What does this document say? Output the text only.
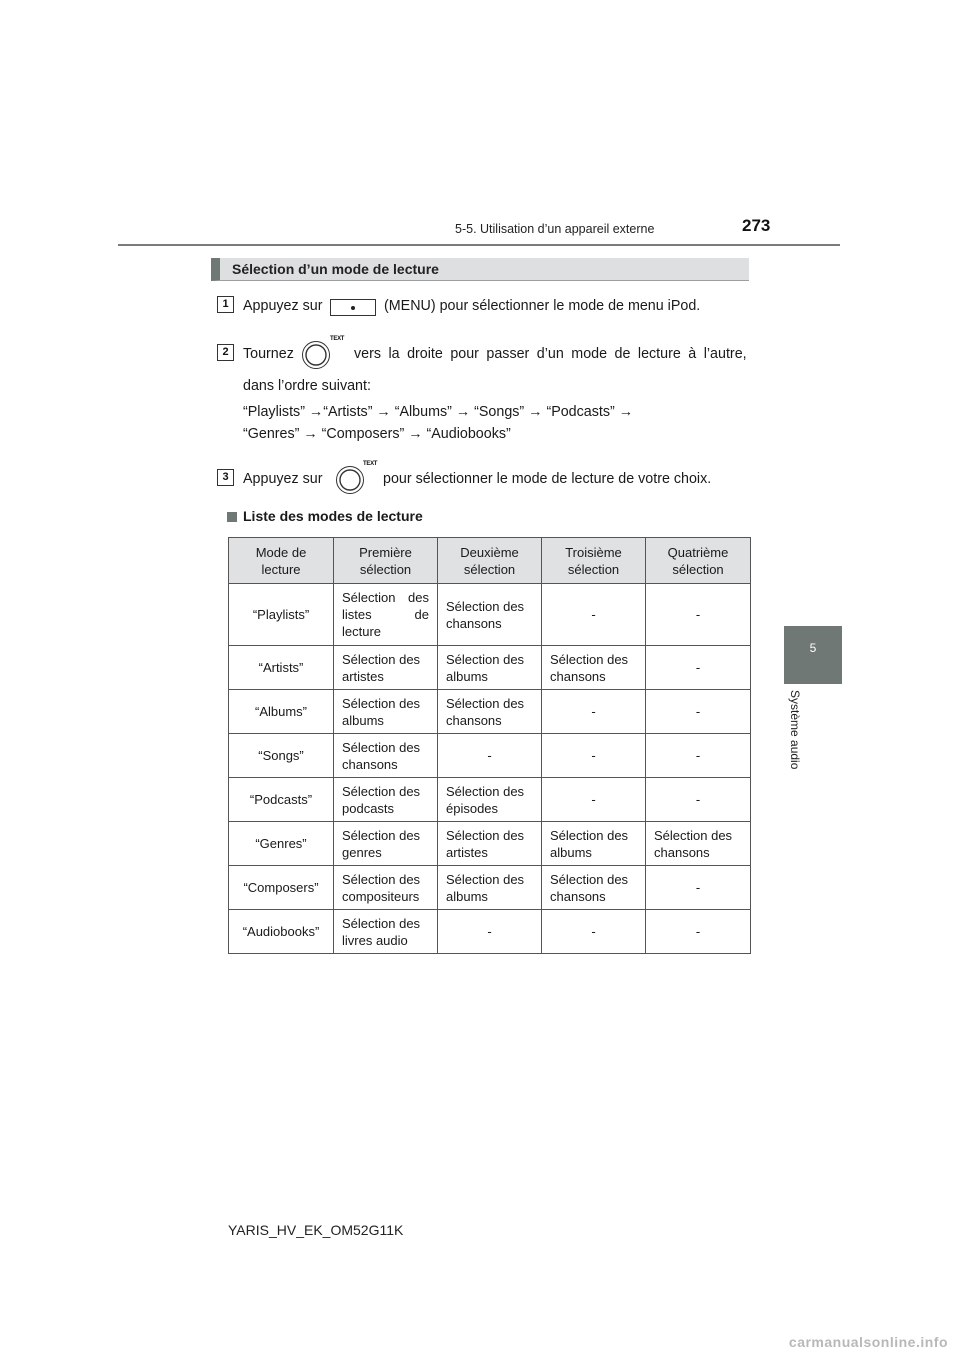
5-5. Utilisation d’un appareil externe	273
5
Système audio
Sélection d’un mode de lecture
1	Appuyez sur	(MENU) pour sélectionner le mode de menu iPod.
2	Tournez
TEXT
vers la droite pour passer d’un mode de lecture à l’autre,
dans l’ordre suivant:
“Playlists” →“Artists” → “Albums” → “Songs” → “Podcasts” →
“Genres” → “Composers” → “Audiobooks”
3	Appuyez sur
TEXT
pour sélectionner le mode de lecture de votre choix.
Liste des modes de lecture
Mode de
lecture	Première
sélection	Deuxième
sélection	Troisième
sélection	Quatrième
sélection
“Playlists”	Sélection des listes de lecture	Sélection des chansons	-	-
“Artists”	Sélection des artistes	Sélection des albums	Sélection des chansons	-
“Albums”	Sélection des albums	Sélection des chansons	-	-
“Songs”	Sélection des chansons	-	-	-
“Podcasts”	Sélection des podcasts	Sélection des épisodes	-	-
“Genres”	Sélection des genres	Sélection des artistes	Sélection des albums	Sélection des chansons
“Composers”	Sélection des compositeurs	Sélection des albums	Sélection des chansons	-
“Audiobooks”	Sélection des livres audio	-	-	-
YARIS_HV_EK_OM52G11K
carmanualsonline.info
